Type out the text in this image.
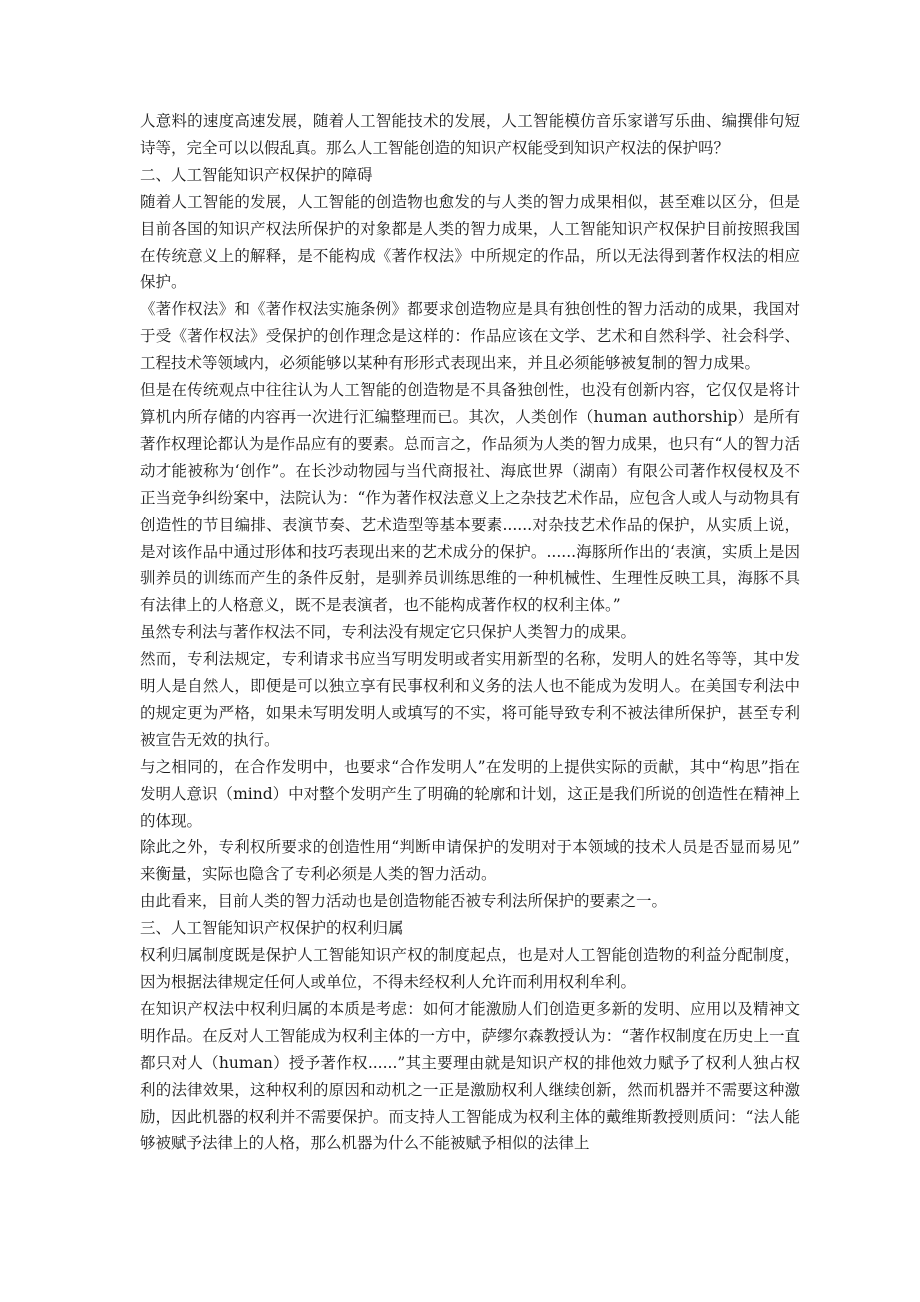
人意料的速度高速发展，随着人工智能技术的发展，人工智能模仿音乐家谱写乐曲、编撰俳句短诗等，完全可以以假乱真。那么人工智能创造的知识产权能受到知识产权法的保护吗？

二、人工智能知识产权保护的障碍

随着人工智能的发展，人工智能的创造物也愈发的与人类的智力成果相似，甚至难以区分，但是目前各国的知识产权法所保护的对象都是人类的智力成果，人工智能知识产权保护目前按照我国在传统意义上的解释，是不能构成《著作权法》中所规定的作品，所以无法得到著作权法的相应保护。

《著作权法》和《著作权法实施条例》都要求创造物应是具有独创性的智力活动的成果，我国对于受《著作权法》受保护的创作理念是这样的：作品应该在文学、艺术和自然科学、社会科学、工程技术等领域内，必须能够以某种有形形式表现出来，并且必须能够被复制的智力成果。

但是在传统观点中往往认为人工智能的创造物是不具备独创性，也没有创新内容，它仅仅是将计算机内所存储的内容再一次进行汇编整理而已。其次，人类创作（human authorship）是所有著作权理论都认为是作品应有的要素。总而言之，作品须为人类的智力成果，也只有“人的智力活动才能被称为‘创作”。在长沙动物园与当代商报社、海底世界（湖南）有限公司著作权侵权及不正当竞争纠纷案中，法院认为：“作为著作权法意义上之杂技艺术作品，应包含人或人与动物具有创造性的节目编排、表演节奏、艺术造型等基本要素......对杂技艺术作品的保护，从实质上说，是对该作品中通过形体和技巧表现出来的艺术成分的保护。......海豚所作出的‘表演，实质上是因驯养员的训练而产生的条件反射，是驯养员训练思维的一种机械性、生理性反映工具，海豚不具有法律上的人格意义，既不是表演者，也不能构成著作权的权利主体。”

虽然专利法与著作权法不同，专利法没有规定它只保护人类智力的成果。

然而，专利法规定，专利请求书应当写明发明或者实用新型的名称，发明人的姓名等等，其中发明人是自然人，即便是可以独立享有民事权利和义务的法人也不能成为发明人。在美国专利法中的规定更为严格，如果未写明发明人或填写的不实，将可能导致专利不被法律所保护，甚至专利被宣告无效的执行。

与之相同的，在合作发明中，也要求“合作发明人”在发明的上提供实际的贡献，其中“构思”指在发明人意识（mind）中对整个发明产生了明确的轮廓和计划，这正是我们所说的创造性在精神上的体现。

除此之外，专利权所要求的创造性用“判断申请保护的发明对于本领域的技术人员是否显而易见”来衡量，实际也隐含了专利必须是人类的智力活动。

由此看来，目前人类的智力活动也是创造物能否被专利法所保护的要素之一。

三、人工智能知识产权保护的权利归属

权利归属制度既是保护人工智能知识产权的制度起点，也是对人工智能创造物的利益分配制度，因为根据法律规定任何人或单位，不得未经权利人允许而利用权利牟利。

在知识产权法中权利归属的本质是考虑：如何才能激励人们创造更多新的发明、应用以及精神文明作品。在反对人工智能成为权利主体的一方中，萨缪尔森教授认为：“著作权制度在历史上一直都只对人（human）授予著作权......”其主要理由就是知识产权的排他效力赋予了权利人独占权利的法律效果，这种权利的原因和动机之一正是激励权利人继续创新，然而机器并不需要这种激励，因此机器的权利并不需要保护。而支持人工智能成为权利主体的戴维斯教授则质问：“法人能够被赋予法律上的人格，那么机器为什么不能被赋予相似的法律上
